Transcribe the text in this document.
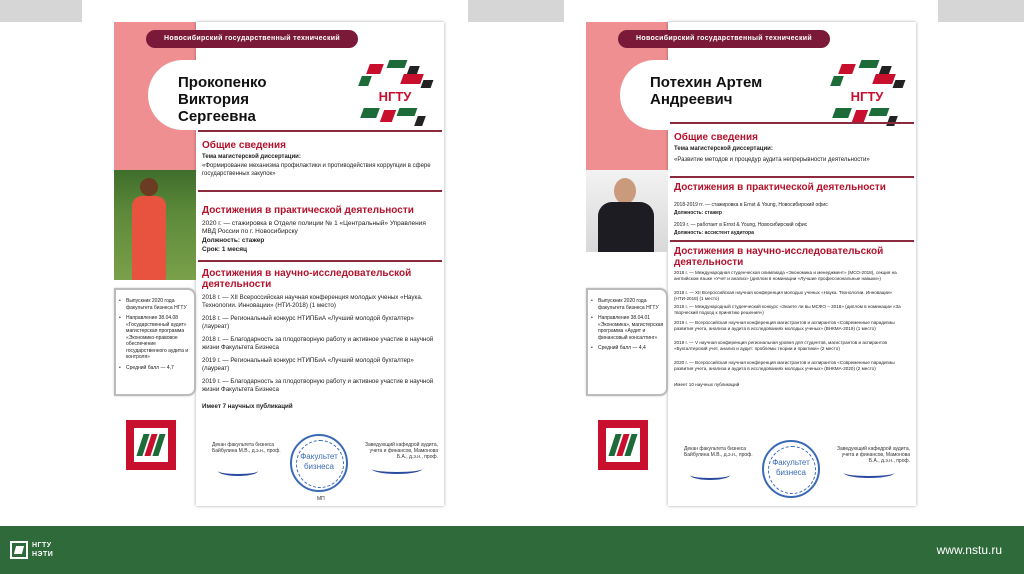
Новосибирский государственный технический университет
Прокопенко Виктория Сергеевна
НГТУ
Общие сведения
Тема магистерской диссертации:
«Формирование механизма профилактики и противодействия коррупции в сфере государственных закупок»
Достижения в практической деятельности
2020 г. — стажировка в Отделе полиции № 1 «Центральный» Управления МВД России по г. Новосибирску
Должность: стажер
Срок: 1 месяц
Достижения в научно-исследовательской деятельности
2018 г. — XII Всероссийская научная конференция молодых ученых «Наука. Технологии. Инновации» (НТИ-2018) (1 место)
2018 г. — Региональный конкурс НТИПБиА «Лучший молодой бухгалтер» (лауреат)
2018 г. — Благодарность за плодотворную работу и активное участие в научной жизни Факультета Бизнеса
2019 г. — Региональный конкурс НТИПБиА «Лучший молодой бухгалтер» (лауреат)
2019 г. — Благодарность за плодотворную работу и активное участие в научной жизни Факультета Бизнеса
Имеет 7 научных публикаций
• Выпускник 2020 года факультета бизнеса НГТУ
• Направление 38.04.08 «Государственный аудит» магистерская программа «Экономико-правовое обеспечение государственного аудита и контроля»
• Средний балл — 4,7
Декан факультета бизнеса Байбулина М.В., д.э.н., проф.
Заведующий кафедрой аудита, учета и финансов, Мамонова Б.А., д.э.н., проф.
Факультет бизнеса
МП
Новосибирский государственный технический университет
Потехин Артем Андреевич	НГТУ
Общие сведения
Тема магистерской диссертации:
«Развитие методов и процедур аудита непрерывности деятельности»
Достижения в практической деятельности
2018-2019 гг. — стажировка в Ernst & Young, Новосибирский офис
Должность: стажер
2019 г. — работает в Ernst & Young, Новосибирский офис
Должность: ассистент аудитора
Достижения в научно-исследовательской деятельности
2018 г. — Международная студенческая олимпиада «Экономика и менеджмент» (МСО-2018), секция на английском языке «Учет и анализ» (диплом в номинации «Лучшие профессиональные навыки»)
2018 г. — XII Всероссийская научная конференция молодых ученых «Наука. Технологии. Инновации» (НТИ-2018) (1 место)
2018 г. — Международный студенческий конкурс «Знаете ли вы МСФО – 2018» (диплом в номинации «За творческий подход к принятию решения»)
2019 г. — Всероссийская научная конференция магистрантов и аспирантов «Современные парадигмы развития учета, анализа и аудита в исследованиях молодых ученых» (ВНКМА-2019) (1 место)
2019 г. — V научная конференция региональная уровня для студентов, магистрантов и аспирантов «Бухгалтерский учет, анализ и аудит: проблемы теории и практики» (2 место)
2020 г. — Всероссийская научная конференция магистрантов и аспирантов «Современные парадигмы развития учета, анализа и аудита в исследованиях молодых ученых» (ВНКМА-2020) (2 место)
Имеет 10 научных публикаций
• Выпускник 2020 года факультета бизнеса НГТУ
• Направление 38.04.01 «Экономика», магистерская программа «Аудит и финансовый консалтинг»
• Средний балл — 4,4
Декан факультета бизнеса Байбулина М.В., д.э.н., проф.
Заведующий кафедрой аудита, учета и финансов, Мамонова Б.А., д.э.н., проф.
Факультет бизнеса
НГТУ
НЭТИ	www.nstu.ru
